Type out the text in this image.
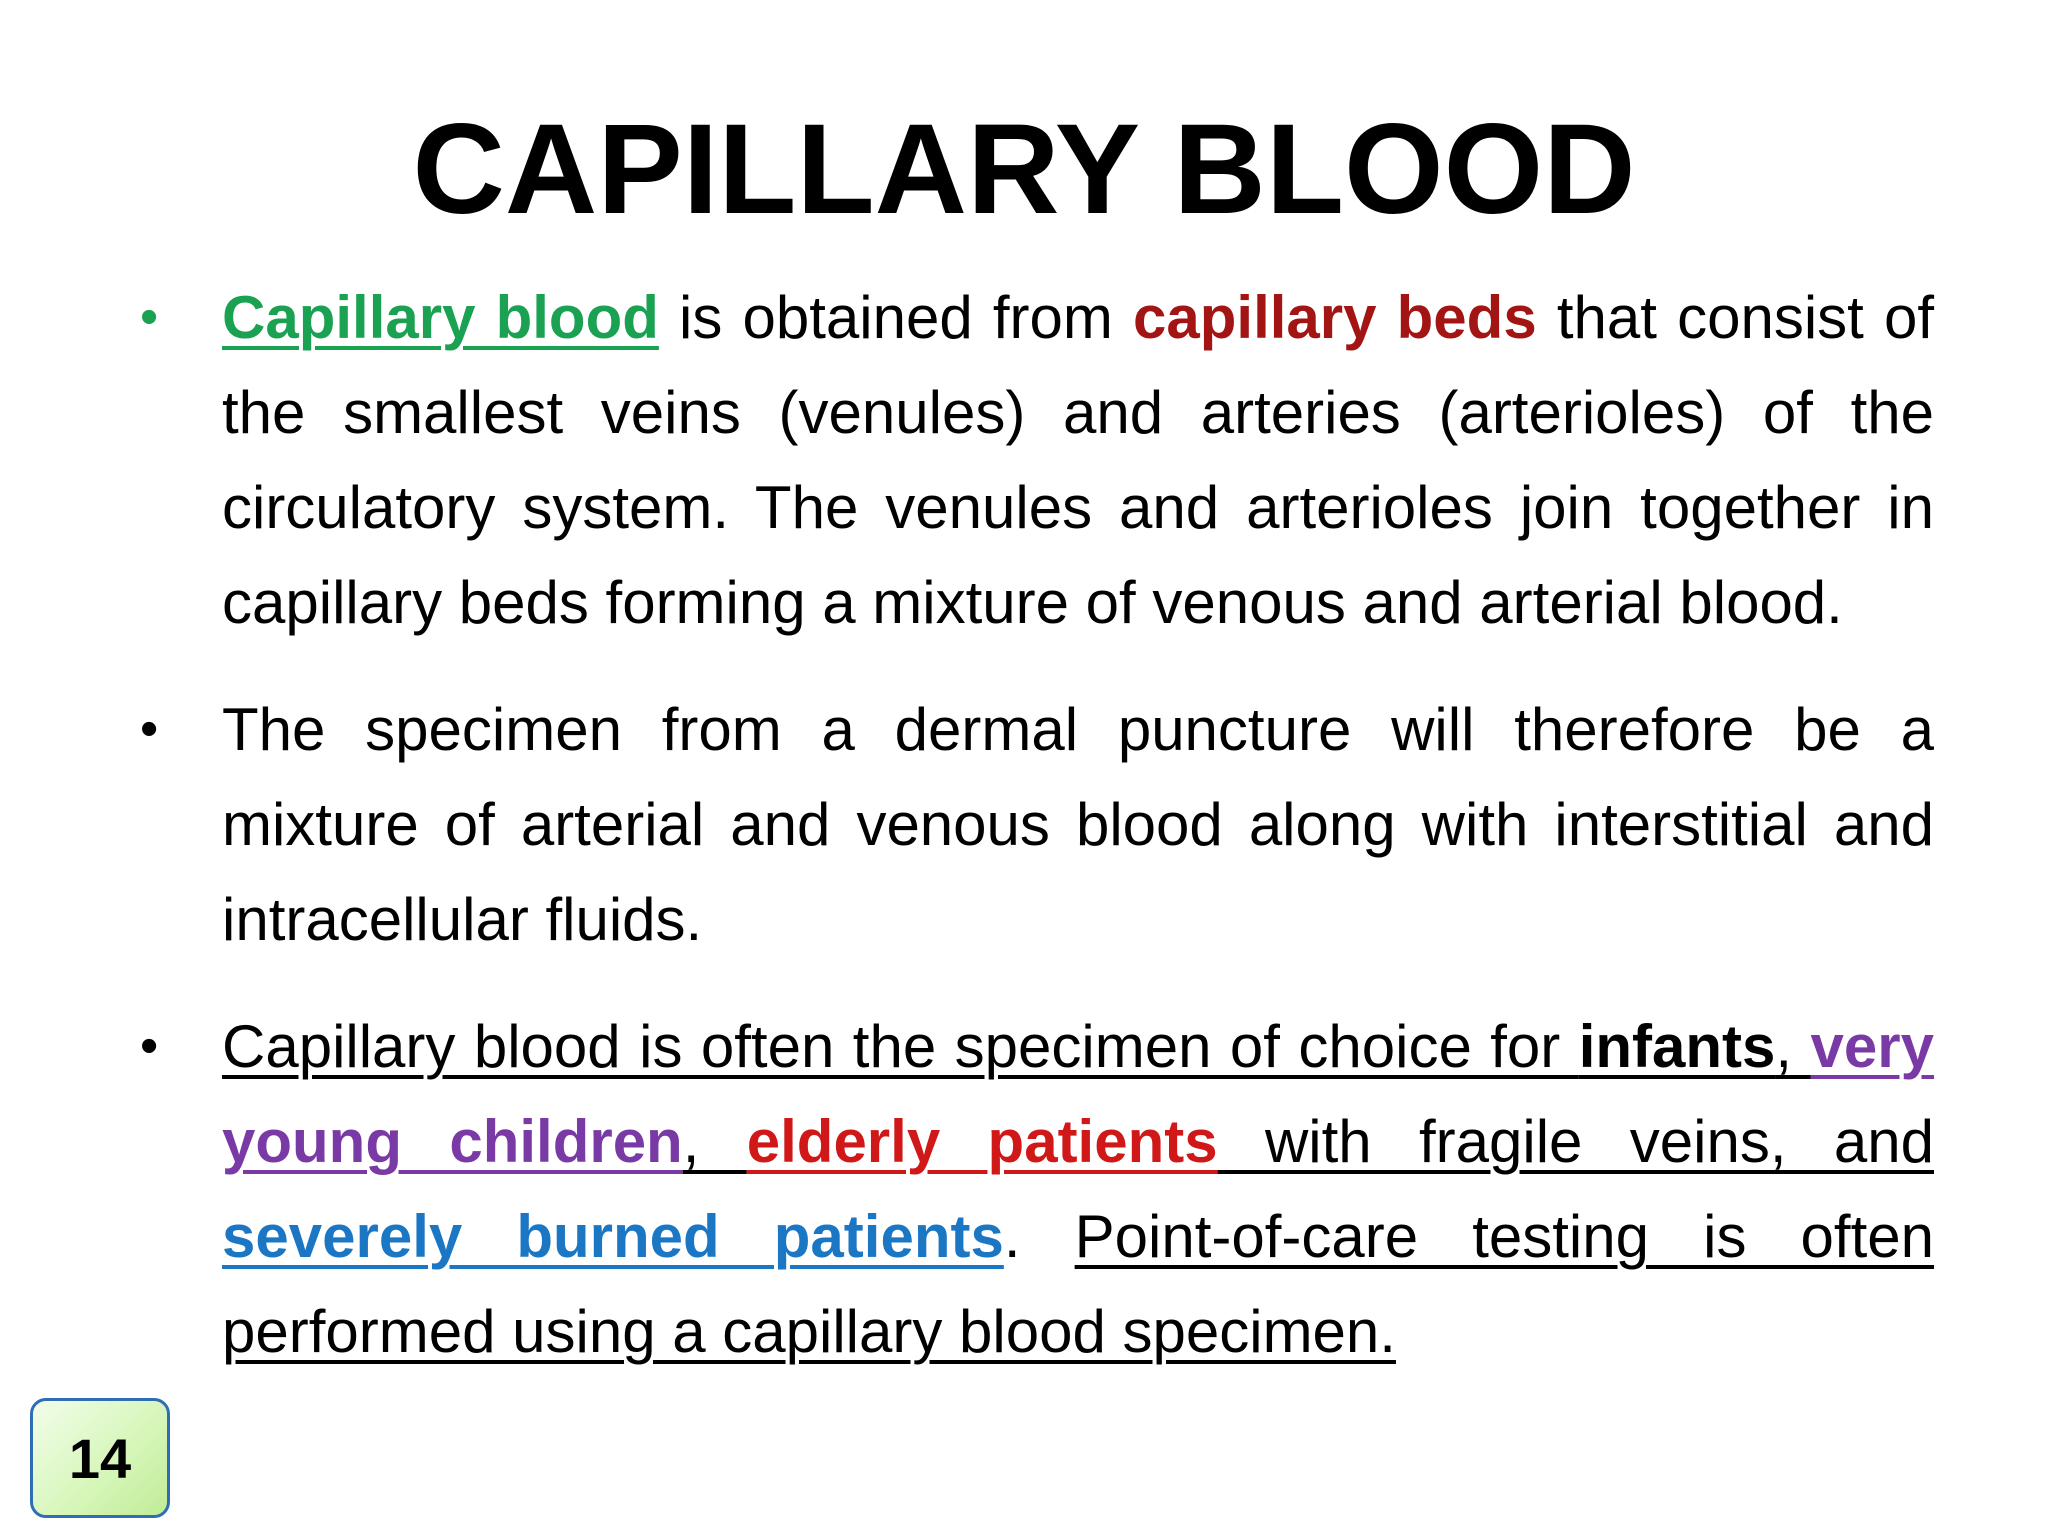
CAPILLARY BLOOD
•	Capillary blood is obtained from capillary beds that consist of the smallest veins (venules) and arteries (arterioles) of the circulatory system. The venules and arterioles join together in capillary beds forming a mixture of venous and arterial blood.
•	The specimen from a dermal puncture will therefore be a mixture of arterial and venous blood along with interstitial and intracellular fluids.
•	Capillary blood is often the specimen of choice for infants, very young children, elderly patients with fragile veins, and severely burned patients. Point-of-care testing is often performed using a capillary blood specimen.
14
